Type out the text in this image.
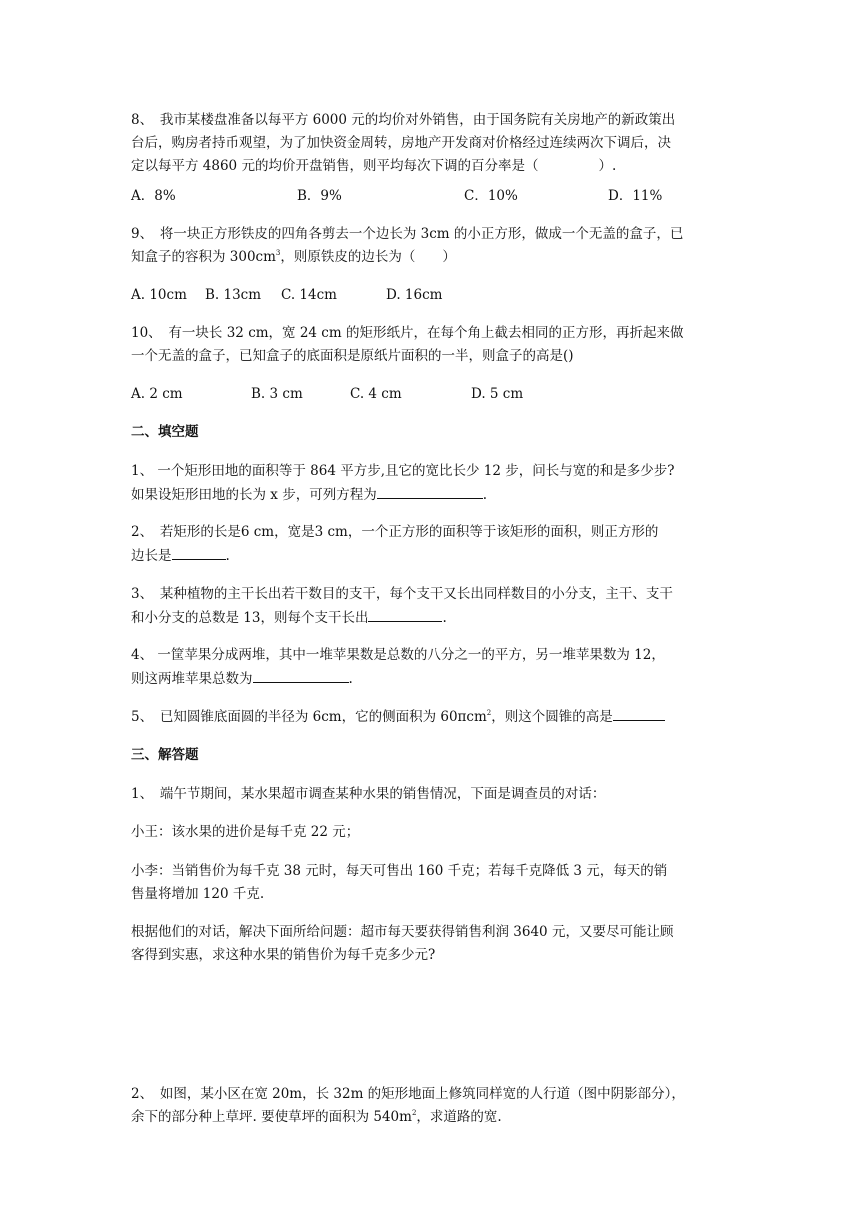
8、　我市某楼盘准备以每平方 6000 元的均价对外销售，由于国务院有关房地产的新政策出
台后，购房者持币观望，为了加快资金周转，房地产开发商对价格经过连续两次下调后，决
定以每平方 4860 元的均价开盘销售，则平均每次下调的百分率是（	）.
A．8%	B．9%	C．10%	D．11%
9、　将一块正方形铁皮的四角各剪去一个边长为 3cm 的小正方形，做成一个无盖的盒子，已
知盒子的容积为 $300cm^3$，则原铁皮的边长为（　　）
A. 10cm B. 13cm C. 14cm	D. 16cm
10、　有一块长 32 cm，宽 24 cm 的矩形纸片，在每个角上截去相同的正方形，再折起来做
一个无盖的盒子，已知盒子的底面积是原纸片面积的一半，则盒子的高是()
A. 2 cm	B. 3 cm	C. 4 cm	D. 5 cm
二、填空题
1、 一个矩形田地的面积等于 864 平方步,且它的宽比长少 12 步，问长与宽的和是多少步?
如果设矩形田地的长为 x 步，可列方程为	.
2、　若矩形的长是6 cm，宽是3 cm，一个正方形的面积等于该矩形的面积，则正方形的
边长是	.
3、　某种植物的主干长出若干数目的支干，每个支干又长出同样数目的小分支，主干、支干
和小分支的总数是 13，则每个支干长出	.
4、 一筐苹果分成两堆，其中一堆苹果数是总数的八分之一的平方，另一堆苹果数为 12，
则这两堆苹果总数为	.
5、　已知圆锥底面圆的半径为 6cm，它的侧面积为 60πcm$^2$，则这个圆锥的高是
三、解答题
1、　端午节期间，某水果超市调查某种水果的销售情况，下面是调查员的对话：
小王：该水果的进价是每千克 22 元；
小李：当销售价为每千克 38 元时，每天可售出 160 千克；若每千克降低 3 元，每天的销
售量将增加 120 千克.
根据他们的对话，解决下面所给问题：超市每天要获得销售利润 3640 元，又要尽可能让顾
客得到实惠，求这种水果的销售价为每千克多少元?
2、　如图，某小区在宽 20m，长 32m 的矩形地面上修筑同样宽的人行道（图中阴影部分），
余下的部分种上草坪. 要使草坪的面积为 $540m^2$，求道路的宽.
